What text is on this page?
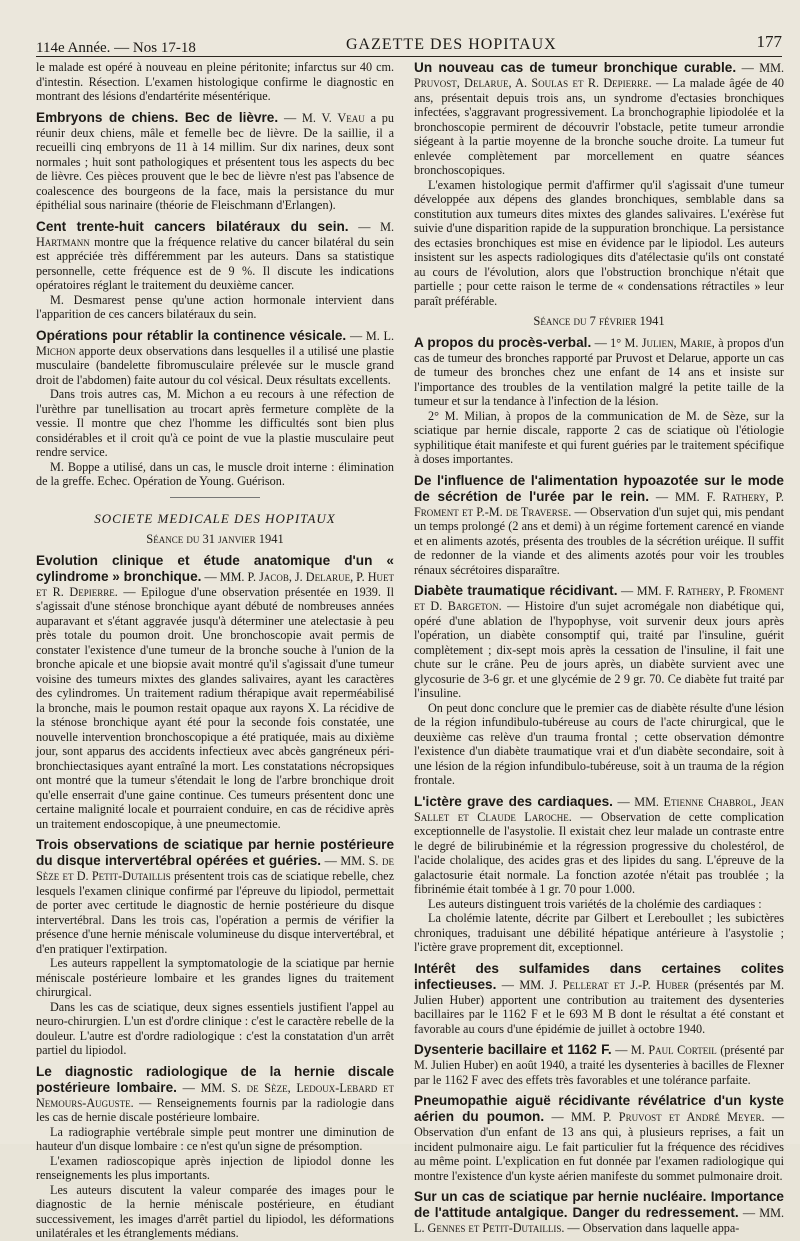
114e Année. — Nos 17-18	GAZETTE DES HOPITAUX	177

le malade est opéré à nouveau en pleine péritonite; infarctus sur 40 cm. d'intestin. Résection. L'examen histologique confirme le diagnostic en montrant des lésions d'endartérite mésentérique.

Embryons de chiens. Bec de lièvre. — M. V. Veau a pu réunir deux chiens, mâle et femelle bec de lièvre. De la saillie, il a recueilli cinq embryons de 11 à 14 millim. Sur dix narines, deux sont normales ; huit sont pathologiques et présentent tous les aspects du bec de lièvre. Ces pièces prouvent que le bec de lièvre n'est pas l'absence de coalescence des bourgeons de la face, mais la persistance du mur épithélial sous narinaire (théorie de Fleischmann d'Erlangen).

Cent trente-huit cancers bilatéraux du sein. — M. Hartmann montre que la fréquence relative du cancer bilatéral du sein est appréciée très différemment par les auteurs. Dans sa statistique personnelle, cette fréquence est de 9 %. Il discute les indications opératoires réglant le traitement du deuxième cancer.

M. Desmarest pense qu'une action hormonale intervient dans l'apparition de ces cancers bilatéraux du sein.

Opérations pour rétablir la continence vésicale. — M. L. Michon apporte deux observations dans lesquelles il a utilisé une plastie musculaire (bandelette fibromusculaire prélevée sur le muscle grand droit de l'abdomen) faite autour du col vésical. Deux résultats excellents.

Dans trois autres cas, M. Michon a eu recours à une réfection de l'urèthre par tunellisation au trocart après fermeture complète de la vessie. Il montre que chez l'homme les difficultés sont bien plus considérables et il croit qu'à ce point de vue la plastie musculaire peut rendre service.

M. Boppe a utilisé, dans un cas, le muscle droit interne : élimination de la greffe. Echec. Opération de Young. Guérison.

SOCIETE MEDICALE DES HOPITAUX
Séance du 31 janvier 1941

Evolution clinique et étude anatomique d'un « cylindrome » bronchique. — MM. P. Jacob, J. Delarue, P. Huet et R. Depierre. — Epilogue d'une observation présentée en 1939. Il s'agissait d'une sténose bronchique ayant débuté de nombreuses années auparavant et s'étant aggravée jusqu'à déterminer une atelectasie à peu près totale du poumon droit. Une bronchoscopie avait permis de constater l'existence d'une tumeur de la bronche souche à l'union de la bronche apicale et une biopsie avait montré qu'il s'agissait d'une tumeur voisine des tumeurs mixtes des glandes salivaires, ayant les caractères des cylindromes. Un traitement radium thérapique avait reperméabilisé la bronche, mais le poumon restait opaque aux rayons X. La récidive de la sténose bronchique ayant été pour la seconde fois constatée, une nouvelle intervention bronchoscopique a été pratiquée, mais au dixième jour, sont apparus des accidents infectieux avec abcès gangréneux péri-bronchiectasiques ayant entraîné la mort. Les constatations nécropsiques ont montré que la tumeur s'étendait le long de l'arbre bronchique droit qu'elle enserrait d'une gaine continue. Ces tumeurs présentent donc une certaine malignité locale et pourraient conduire, en cas de récidive après un traitement endoscopique, à une pneumectomie.

Trois observations de sciatique par hernie postérieure du disque intervertébral opérées et guéries. — MM. S. de Sèze et D. Petit-Dutaillis présentent trois cas de sciatique rebelle, chez lesquels l'examen clinique confirmé par l'épreuve du lipiodol, permettait de porter avec certitude le diagnostic de hernie postérieure du disque intervertébral. Dans les trois cas, l'opération a permis de vérifier la présence d'une hernie méniscale volumineuse du disque intervertébral, et d'en pratiquer l'extirpation.

Les auteurs rappellent la symptomatologie de la sciatique par hernie méniscale postérieure lombaire et les grandes lignes du traitement chirurgical.

Dans les cas de sciatique, deux signes essentiels justifient l'appel au neuro-chirurgien. L'un est d'ordre clinique : c'est le caractère rebelle de la douleur. L'autre est d'ordre radiologique : c'est la constatation d'un arrêt partiel du lipiodol.

Le diagnostic radiologique de la hernie discale postérieure lombaire. — MM. S. de Sèze, Ledoux-Lebard et Nemours-Auguste. — Renseignements fournis par la radiologie dans les cas de hernie discale postérieure lombaire.

La radiographie vertébrale simple peut montrer une diminution de hauteur d'un disque lombaire : ce n'est qu'un signe de présomption.

L'examen radioscopique après injection de lipiodol donne les renseignements les plus importants.

Les auteurs discutent la valeur comparée des images pour le diagnostic de la hernie méniscale postérieure, en étudiant successivement, les images d'arrêt partiel du lipiodol, les déformations unilatérales et les étranglements médians.

Un nouveau cas de tumeur bronchique curable. — MM. Pruvost, Delarue, A. Soulas et R. Depierre. — La malade âgée de 40 ans, présentait depuis trois ans, un syndrome d'ectasies bronchiques infectées, s'aggravant progressivement. La bronchographie lipiodolée et la bronchoscopie permirent de découvrir l'obstacle, petite tumeur arrondie siégeant à la partie moyenne de la bronche souche droite. La tumeur fut enlevée complètement par morcellement en quatre séances bronchoscopiques.

L'examen histologique permit d'affirmer qu'il s'agissait d'une tumeur développée aux dépens des glandes bronchiques, semblable dans sa constitution aux tumeurs dites mixtes des glandes salivaires. L'exérèse fut suivie d'une disparition rapide de la suppuration bronchique. La persistance des ectasies bronchiques est mise en évidence par le lipiodol. Les auteurs insistent sur les aspects radiologiques dits d'atélectasie qu'ils ont constaté au cours de l'évolution, alors que l'obstruction bronchique n'était que partielle ; pour cette raison le terme de « condensations rétractiles » leur paraît préférable.

Séance du 7 février 1941

A propos du procès-verbal. — 1° M. Julien, Marie, à propos d'un cas de tumeur des bronches rapporté par Pruvost et Delarue, apporte un cas de tumeur des bronches chez une enfant de 14 ans et insiste sur l'importance des troubles de la ventilation malgré la petite taille de la tumeur et sur la tendance à l'infection de la lésion.

2° M. Milian, à propos de la communication de M. de Sèze, sur la sciatique par hernie discale, rapporte 2 cas de sciatique où l'étiologie syphilitique était manifeste et qui furent guéries par le traitement spécifique à doses importantes.

De l'influence de l'alimentation hypoazotée sur le mode de sécrétion de l'urée par le rein. — MM. F. Rathery, P. Froment et P.-M. de Traverse. — Observation d'un sujet qui, mis pendant un temps prolongé (2 ans et demi) à un régime fortement carencé en viande et en aliments azotés, présenta des troubles de la sécrétion uréique. Il suffit de redonner de la viande et des aliments azotés pour voir les troubles rénaux sécrétoires disparaître.

Diabète traumatique récidivant. — MM. F. Rathery, P. Froment et D. Bargeton. — Histoire d'un sujet acromégale non diabétique qui, opéré d'une ablation de l'hypophyse, voit survenir deux jours après l'opération, un diabète consomptif qui, traité par l'insuline, guérit complètement ; dix-sept mois après la cessation de l'insuline, il fait une chute sur le crâne. Peu de jours après, un diabète survient avec une glycosurie de 3-6 gr. et une glycémie de 2 9 gr. 70. Ce diabète fut traité par l'insuline.

On peut donc conclure que le premier cas de diabète résulte d'une lésion de la région infundibulo-tubéreuse au cours de l'acte chirurgical, que le deuxième cas relève d'un trauma frontal ; cette observation démontre l'existence d'un diabète traumatique vrai et d'un diabète secondaire, soit à une lésion de la région infundibulo-tubéreuse, soit à un trauma de la région frontale.

L'ictère grave des cardiaques. — MM. Etienne Chabrol, Jean Sallet et Claude Laroche. — Observation de cette complication exceptionnelle de l'asystolie. Il existait chez leur malade un contraste entre le degré de bilirubinémie et la régression progressive du cholestérol, de l'acide cholalique, des acides gras et des lipides du sang. L'épreuve de la galactosurie était normale. La fonction azotée n'était pas troublée ; la fibrinémie était tombée à 1 gr. 70 pour 1.000.

Les auteurs distinguent trois variétés de la cholémie des cardiaques :

La cholémie latente, décrite par Gilbert et Lereboullet ; les subictères chroniques, traduisant une débilité hépatique antérieure à l'asystolie ; l'ictère grave proprement dit, exceptionnel.

Intérêt des sulfamides dans certaines colites infectieuses. — MM. J. Pellerat et J.-P. Huber (présentés par M. Julien Huber) apportent une contribution au traitement des dysenteries bacillaires par le 1162 F et le 693 M B dont le résultat a été constant et favorable au cours d'une épidémie de juillet à octobre 1940.

Dysenterie bacillaire et 1162 F. — M. Paul Corteil (présenté par M. Julien Huber) en août 1940, a traité les dysenteries à bacilles de Flexner par le 1162 F avec des effets très favorables et une tolérance parfaite.

Pneumopathie aiguë récidivante révélatrice d'un kyste aérien du poumon. — MM. P. Pruvost et André Meyer. — Observation d'un enfant de 13 ans qui, à plusieurs reprises, a fait un incident pulmonaire aigu. Le fait particulier fut la fréquence des récidives au même point. L'explication en fut donnée par l'examen radiologique qui montre l'existence d'un kyste aérien manifeste du sommet pulmonaire droit.

Sur un cas de sciatique par hernie nucléaire. Importance de l'attitude antalgique. Danger du redressement. — MM. L. Gennes et Petit-Dutaillis. — Observation dans laquelle appa-
